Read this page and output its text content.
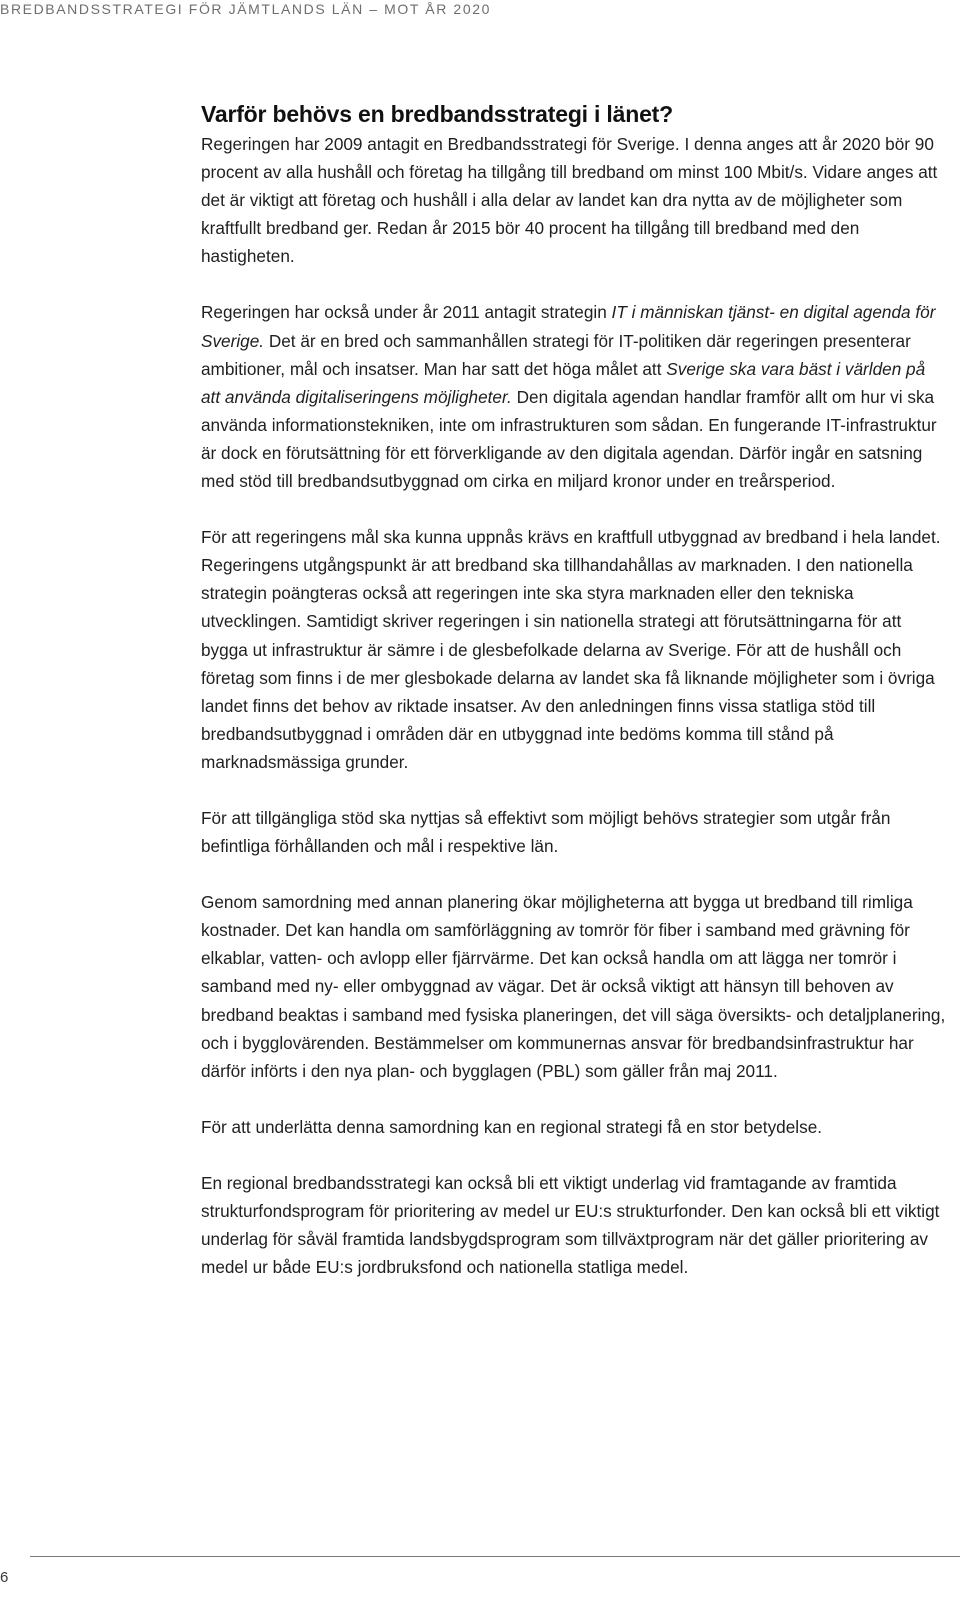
BREDBANDSSTRATEGI FÖR JÄMTLANDS LÄN – MOT ÅR 2020
Varför behövs en bredbandsstrategi i länet?

Regeringen har 2009 antagit en Bredbandsstrategi för Sverige. I denna anges att år 2020 bör 90 procent av alla hushåll och företag ha tillgång till bredband om minst 100 Mbit/s. Vidare anges att det är viktigt att företag och hushåll i alla delar av landet kan dra nytta av de möjligheter som kraftfullt bredband ger. Redan år 2015 bör 40 procent ha tillgång till bredband med den hastigheten.

Regeringen har också under år 2011 antagit strategin IT i människan tjänst- en digital agenda för Sverige. Det är en bred och sammanhållen strategi för IT-politiken där regeringen presenterar ambitioner, mål och insatser. Man har satt det höga målet att Sverige ska vara bäst i världen på att använda digitaliseringens möjligheter. Den digitala agendan handlar framför allt om hur vi ska använda informationstekniken, inte om infrastrukturen som sådan. En fungerande IT-infrastruktur är dock en förutsättning för ett förverkligande av den digitala agendan. Därför ingår en satsning med stöd till bredbandsutbyggnad om cirka en miljard kronor under en treårsperiod.

För att regeringens mål ska kunna uppnås krävs en kraftfull utbyggnad av bredband i hela landet. Regeringens utgångspunkt är att bredband ska tillhandahållas av marknaden. I den nationella strategin poängteras också att regeringen inte ska styra marknaden eller den tekniska utvecklingen. Samtidigt skriver regeringen i sin nationella strategi att förutsättningarna för att bygga ut infrastruktur är sämre i de glesbefolkade delarna av Sverige. För att de hushåll och företag som finns i de mer glesbokade delarna av landet ska få liknande möjligheter som i övriga landet finns det behov av riktade insatser. Av den anledningen finns vissa statliga stöd till bredbandsutbyggnad i områden där en utbyggnad inte bedöms komma till stånd på marknadsmässiga grunder.

För att tillgängliga stöd ska nyttjas så effektivt som möjligt behövs strategier som utgår från befintliga förhållanden och mål i respektive län.

Genom samordning med annan planering ökar möjligheterna att bygga ut bredband till rimliga kostnader. Det kan handla om samförläggning av tomrör för fiber i samband med grävning för elkablar, vatten- och avlopp eller fjärrvärme. Det kan också handla om att lägga ner tomrör i samband med ny- eller ombyggnad av vägar. Det är också viktigt att hänsyn till behoven av bredband beaktas i samband med fysiska planeringen, det vill säga översikts- och detaljplanering, och i bygglovärenden. Bestämmelser om kommunernas ansvar för bredbandsinfrastruktur har därför införts i den nya plan- och bygglagen (PBL) som gäller från maj 2011.

För att underlätta denna samordning kan en regional strategi få en stor betydelse.

En regional bredbandsstrategi kan också bli ett viktigt underlag vid framtagande av framtida strukturfondsprogram för prioritering av medel ur EU:s strukturfonder. Den kan också bli ett viktigt underlag för såväl framtida landsbygdsprogram som tillväxtprogram när det gäller prioritering av medel ur både EU:s jordbruksfond och nationella statliga medel.

6
